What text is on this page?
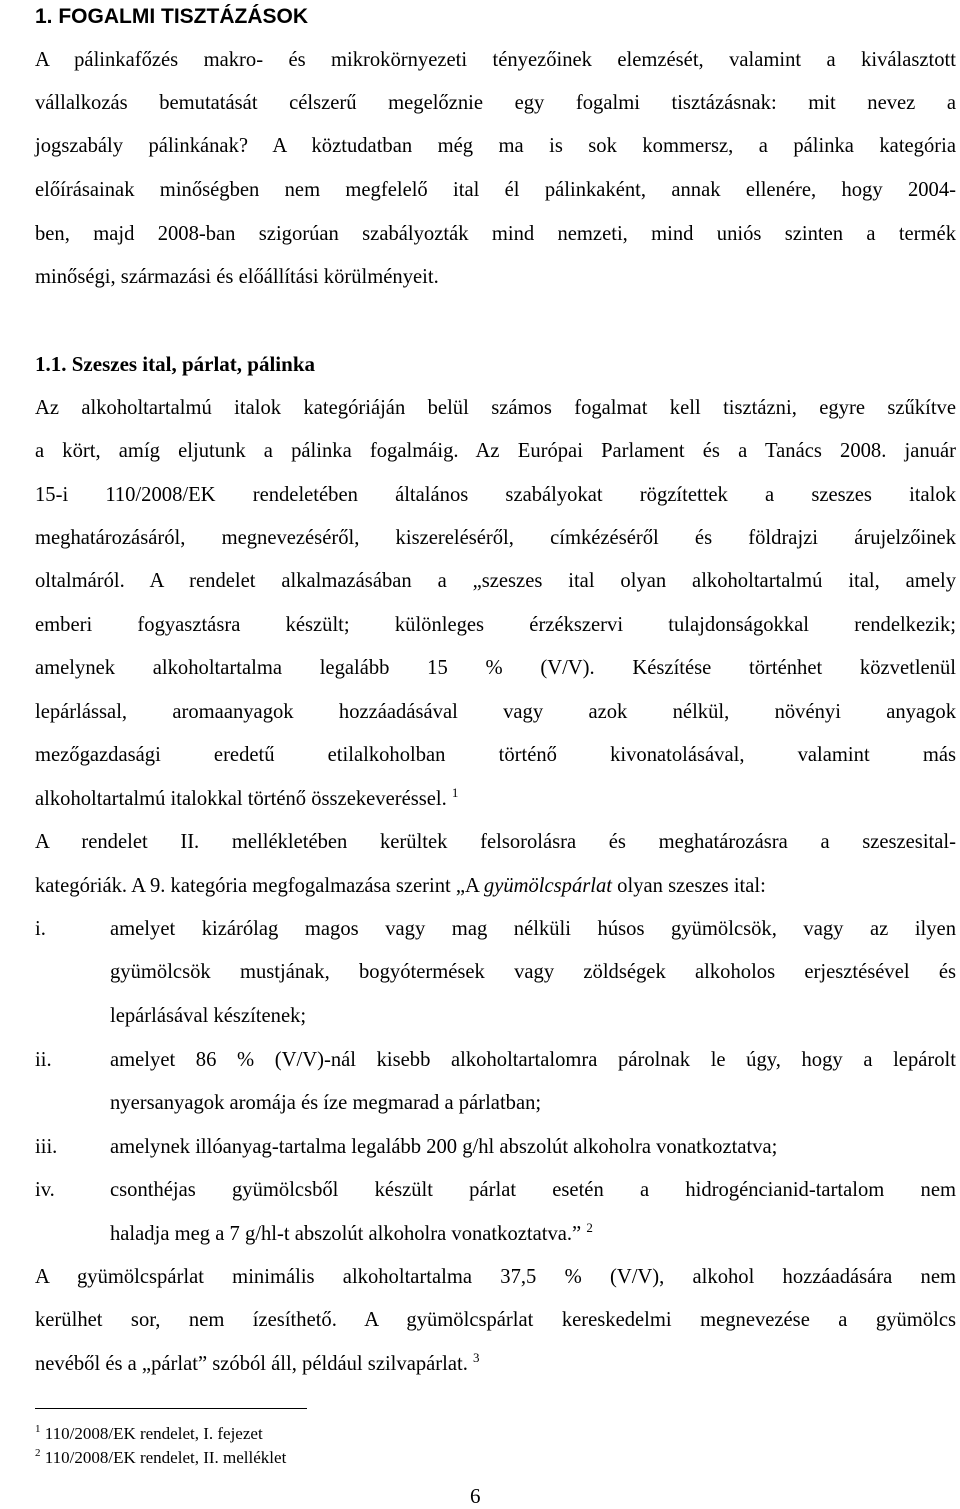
1. FOGALMI TISZTÁZÁSOK
A pálinkafőzés makro- és mikrokörnyezeti tényezőinek elemzését, valamint a kiválasztott
vállalkozás bemutatását célszerű megelőznie egy fogalmi tisztázásnak: mit nevez a
jogszabály pálinkának? A köztudatban még ma is sok kommersz, a pálinka kategória
előírásainak minőségben nem megfelelő ital él pálinkaként, annak ellenére, hogy 2004-
ben, majd 2008-ban szigorúan szabályozták mind nemzeti, mind uniós szinten a termék
minőségi, származási és előállítási körülményeit.
1.1. Szeszes ital, párlat, pálinka
Az alkoholtartalmú italok kategóriáján belül számos fogalmat kell tisztázni, egyre szűkítve
a kört, amíg eljutunk a pálinka fogalmáig. Az Európai Parlament és a Tanács 2008. január
15-i 110/2008/EK rendeletében általános szabályokat rögzítettek a szeszes italok
meghatározásáról, megnevezéséről, kiszereléséről, címkézéséről és földrajzi árujelzőinek
oltalmáról. A rendelet alkalmazásában a „szeszes ital olyan alkoholtartalmú ital, amely
emberi fogyasztásra készült; különleges érzékszervi tulajdonságokkal rendelkezik;
amelynek alkoholtartalma legalább 15 % (V/V). Készítése történhet közvetlenül
lepárlással, aromaanyagok hozzáadásával vagy azok nélkül, növényi anyagok
mezőgazdasági eredetű etilalkoholban történő kivonatolásával, valamint más
alkoholtartalmú italokkal történő összekeveréssel. $^1$
A rendelet II. mellékletében kerültek felsorolásra és meghatározásra a szeszesital-
kategóriák. A 9. kategória megfogalmazása szerint „A gyümölcspárlat olyan szeszes ital:
i.	amelyet kizárólag magos vagy mag nélküli húsos gyümölcsök, vagy az ilyen
gyümölcsök mustjának, bogyótermések vagy zöldségek alkoholos erjesztésével és
lepárlásával készítenek;
ii.	amelyet 86 % (V/V)-nál kisebb alkoholtartalomra párolnak le úgy, hogy a lepárolt
nyersanyagok aromája és íze megmarad a párlatban;
iii.	amelynek illóanyag-tartalma legalább 200 g/hl abszolút alkoholra vonatkoztatva;
iv.	csonthéjas gyümölcsből készült párlat esetén a hidrogéncianid-tartalom nem
haladja meg a 7 g/hl-t abszolút alkoholra vonatkoztatva.” $^2$
A gyümölcspárlat minimális alkoholtartalma 37,5 % (V/V), alkohol hozzáadására nem
kerülhet sor, nem ízesíthető. A gyümölcspárlat kereskedelmi megnevezése a gyümölcs
nevéből és a „párlat” szóból áll, például szilvapárlat. $^3$
$^1$ 110/2008/EK rendelet, I. fejezet
$^2$ 110/2008/EK rendelet, II. melléklet
6
